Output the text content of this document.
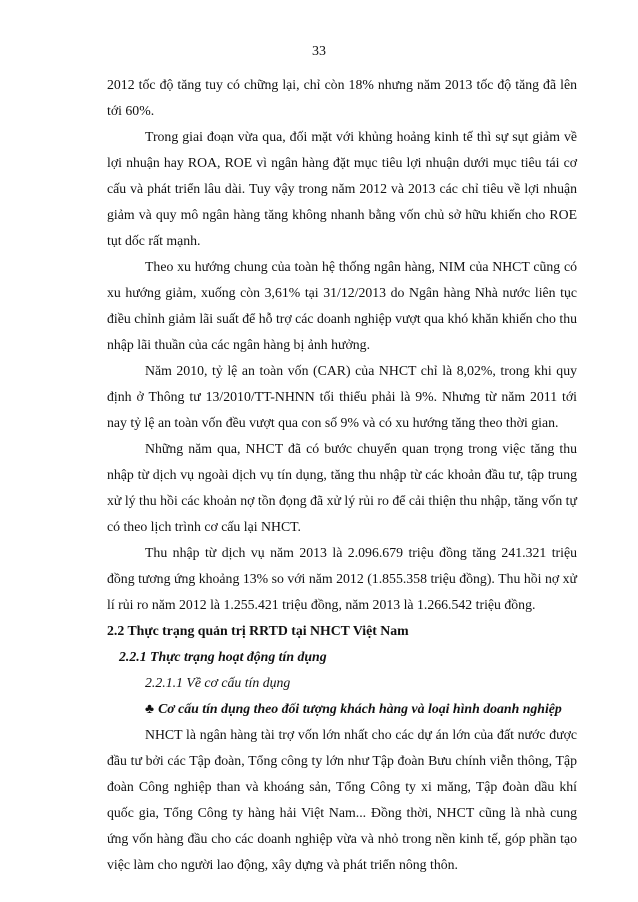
33

2012 tốc độ tăng tuy có chững lại, chỉ còn 18% nhưng năm 2013 tốc độ tăng đã lên tới 60%.

Trong giai đoạn vừa qua, đối mặt với khủng hoảng kinh tế thì sự sụt giảm về lợi nhuận hay ROA, ROE vì ngân hàng đặt mục tiêu lợi nhuận dưới mục tiêu tái cơ cấu và phát triển lâu dài. Tuy vậy trong năm 2012 và 2013 các chỉ tiêu về lợi nhuận giảm và quy mô ngân hàng tăng không nhanh bằng vốn chủ sở hữu khiến cho ROE tụt dốc rất mạnh.

Theo xu hướng chung của toàn hệ thống ngân hàng, NIM của NHCT cũng có xu hướng giảm, xuống còn 3,61% tại 31/12/2013 do Ngân hàng Nhà nước liên tục điều chỉnh giảm lãi suất để hỗ trợ các doanh nghiệp vượt qua khó khăn khiến cho thu nhập lãi thuần của các ngân hàng bị ảnh hưởng.

Năm 2010, tỷ lệ an toàn vốn (CAR) của NHCT chỉ là 8,02%, trong khi quy định ở Thông tư 13/2010/TT-NHNN tối thiểu phải là 9%. Nhưng từ năm 2011 tới nay tỷ lệ an toàn vốn đều vượt qua con số 9% và có xu hướng tăng theo thời gian.

Những năm qua, NHCT đã có bước chuyển quan trọng trong việc tăng thu nhập từ dịch vụ ngoài dịch vụ tín dụng, tăng thu nhập từ các khoản đầu tư, tập trung xử lý thu hồi các khoản nợ tồn đọng đã xử lý rủi ro để cải thiện thu nhập, tăng vốn tự có theo lịch trình cơ cấu lại NHCT.

Thu nhập từ dịch vụ năm 2013 là 2.096.679 triệu đồng tăng 241.321 triệu đồng tương ứng khoảng 13% so với năm 2012 (1.855.358 triệu đồng). Thu hồi nợ xử lí rủi ro năm 2012 là 1.255.421 triệu đồng, năm 2013 là 1.266.542 triệu đồng.

2.2 Thực trạng quản trị RRTD tại NHCT Việt Nam

2.2.1 Thực trạng hoạt động tín dụng

2.2.1.1 Về cơ cấu tín dụng

♣ Cơ cấu tín dụng theo đối tượng khách hàng và loại hình doanh nghiệp

NHCT là ngân hàng tài trợ vốn lớn nhất cho các dự án lớn của đất nước được đầu tư bởi các Tập đoàn, Tổng công ty lớn như Tập đoàn Bưu chính viễn thông, Tập đoàn Công nghiệp than và khoáng sản, Tổng Công ty xi măng, Tập đoàn dầu khí quốc gia, Tổng Công ty hàng hải Việt Nam... Đồng thời, NHCT cũng là nhà cung ứng vốn hàng đầu cho các doanh nghiệp vừa và nhỏ trong nền kinh tế, góp phần tạo việc làm cho người lao động, xây dựng và phát triển nông thôn.
